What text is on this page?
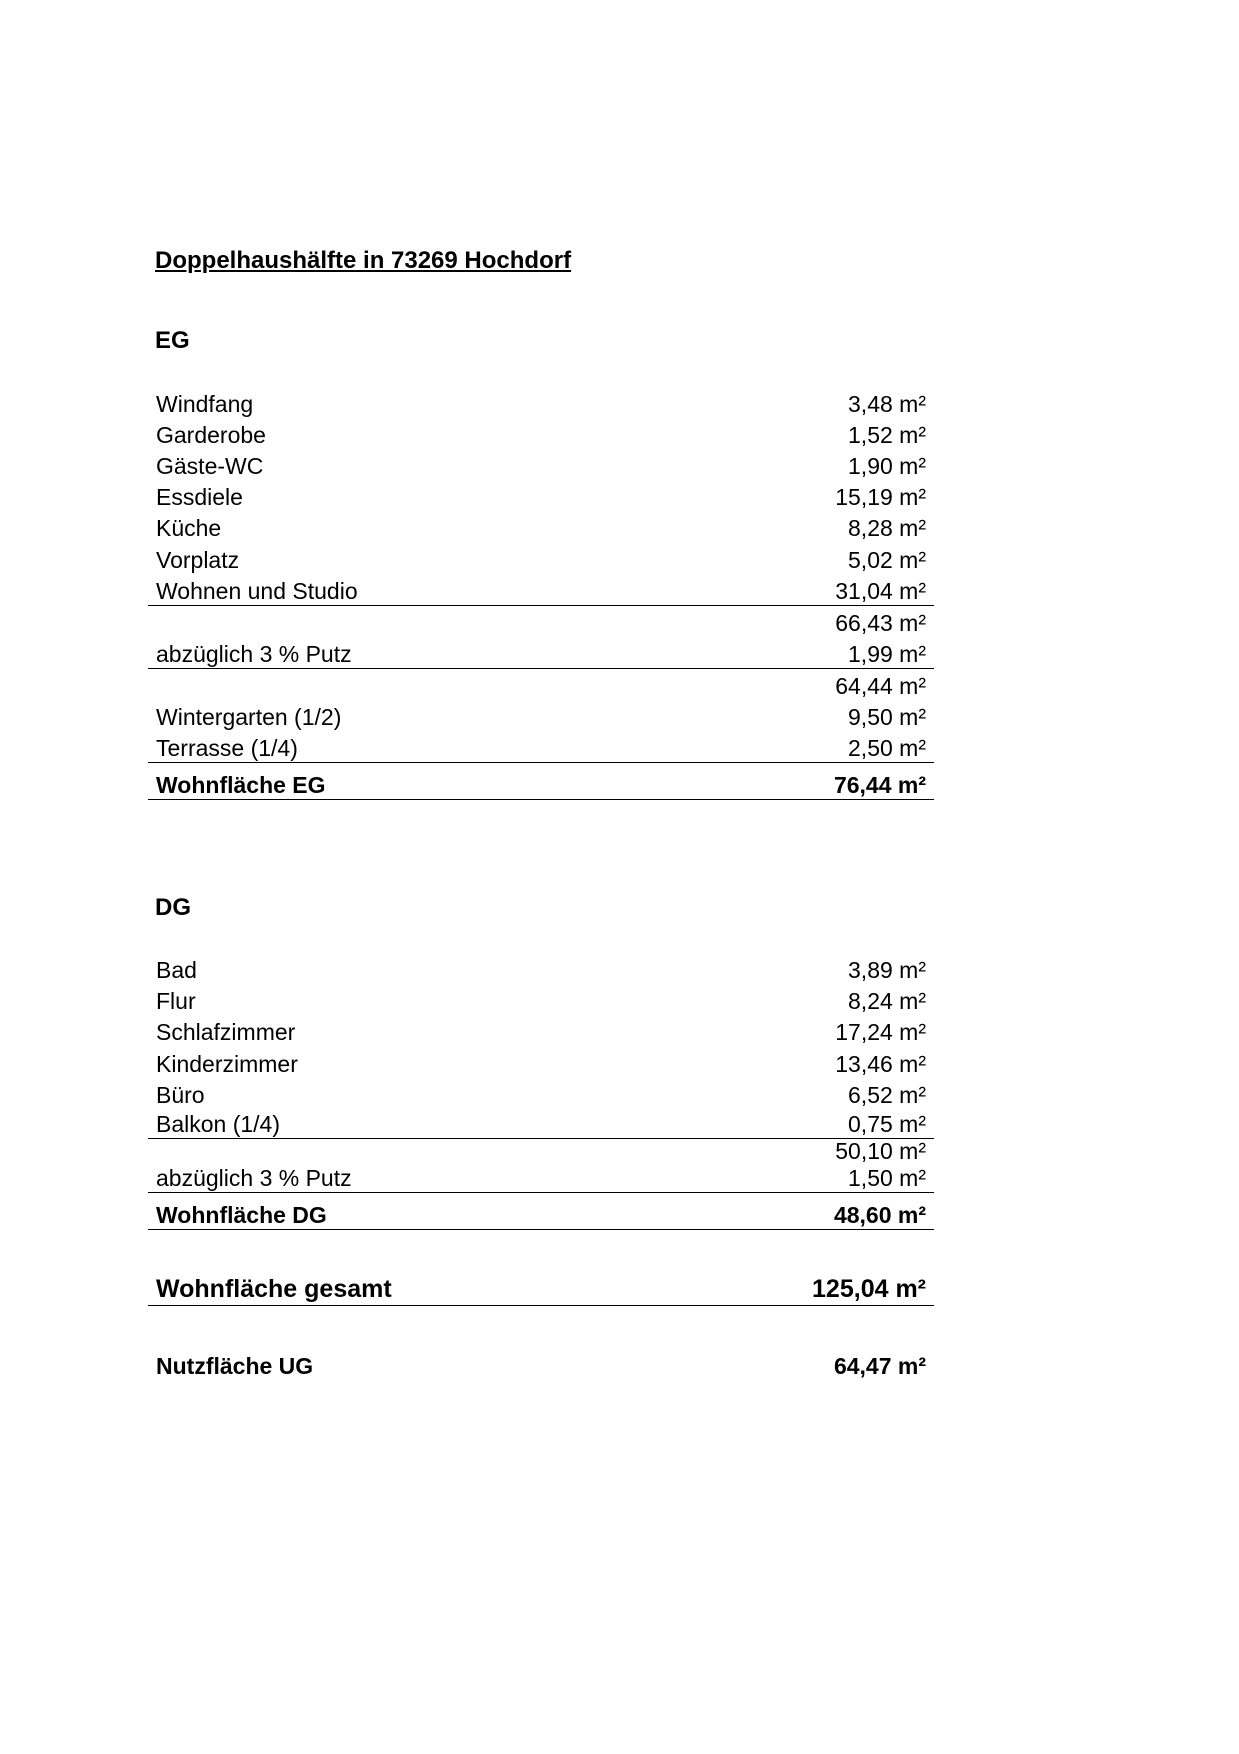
Doppelhaushälfte in 73269 Hochdorf
EG
Windfang	3,48 m²
Garderobe	1,52 m²
Gäste-WC	1,90 m²
Essdiele	15,19 m²
Küche	8,28 m²
Vorplatz	5,02 m²
Wohnen und Studio	31,04 m²
66,43 m²
abzüglich 3 % Putz	1,99 m²
64,44 m²
Wintergarten (1/2)	9,50 m²
Terrasse (1/4)	2,50 m²
Wohnfläche EG	76,44 m²
DG
Bad	3,89 m²
Flur	8,24 m²
Schlafzimmer	17,24 m²
Kinderzimmer	13,46 m²
Büro	6,52 m²
Balkon (1/4)	0,75 m²
50,10 m²
abzüglich 3 % Putz	1,50 m²
Wohnfläche DG	48,60 m²
Wohnfläche gesamt	125,04 m²
Nutzfläche UG	64,47 m²
